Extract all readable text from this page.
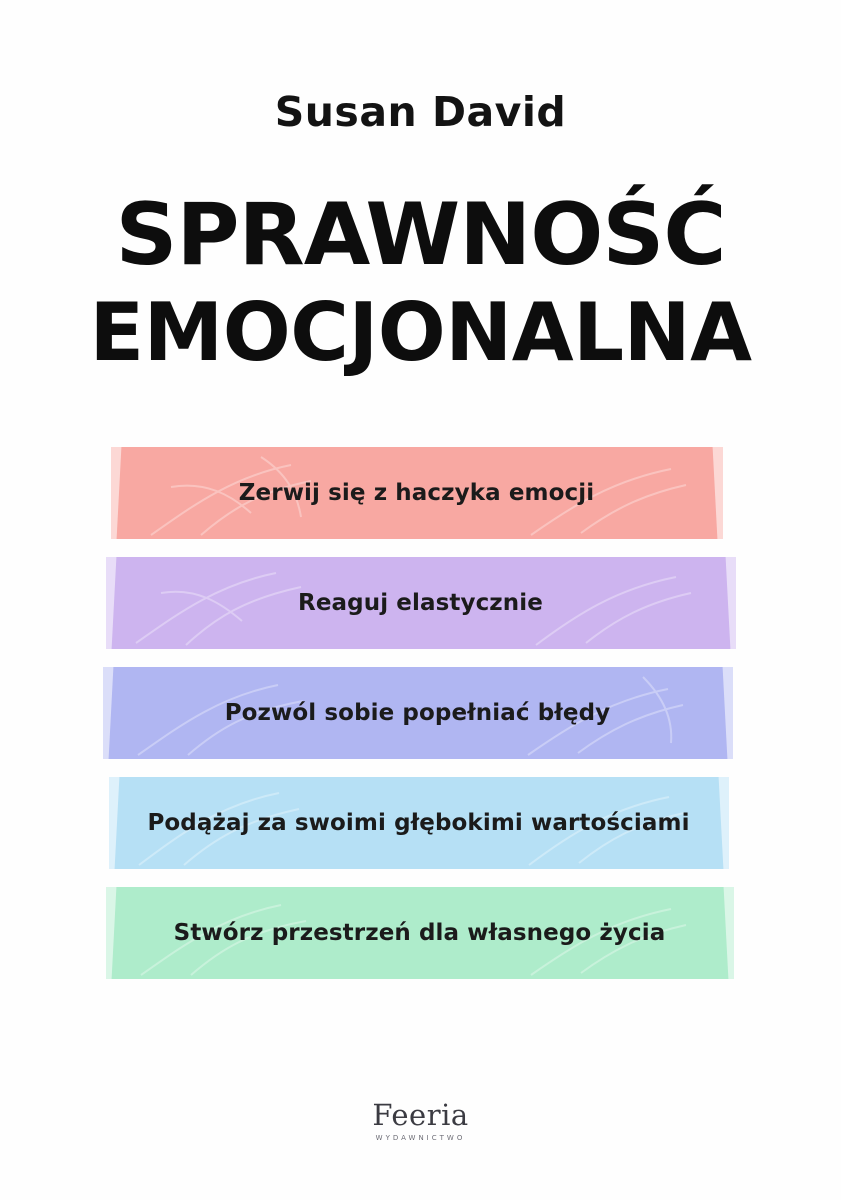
Susan David
SPRAWNOŚĆ
EMOCJONALNA
Zerwij się z haczyka emocji
Reaguj elastycznie
Pozwól sobie popełniać błędy
Podążaj za swoimi głębokimi wartościami
Stwórz przestrzeń dla własnego życia
Feeria
WYDAWNICTWO
